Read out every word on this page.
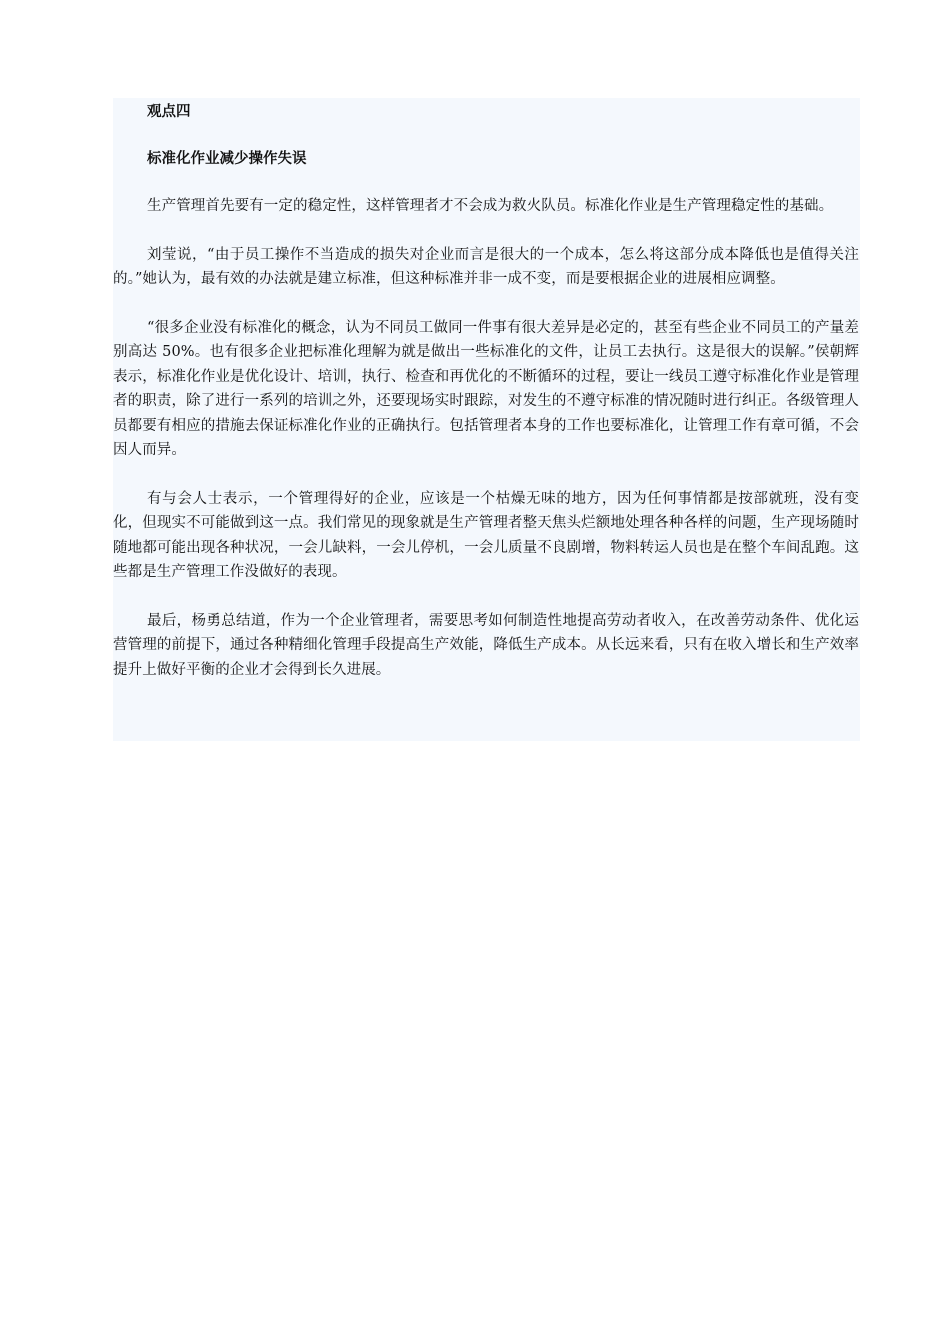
观点四

标准化作业减少操作失误

生产管理首先要有一定的稳定性，这样管理者才不会成为救火队员。标准化作业是生产管理稳定性的基础。

刘莹说，“由于员工操作不当造成的损失对企业而言是很大的一个成本，怎么将这部分成本降低也是值得关注的。”她认为，最有效的办法就是建立标准，但这种标准并非一成不变，而是要根据企业的进展相应调整。

“很多企业没有标准化的概念，认为不同员工做同一件事有很大差异是必定的，甚至有些企业不同员工的产量差别高达 50%。也有很多企业把标准化理解为就是做出一些标准化的文件，让员工去执行。这是很大的误解。”侯朝辉表示，标准化作业是优化设计、培训，执行、检查和再优化的不断循环的过程，要让一线员工遵守标准化作业是管理者的职责，除了进行一系列的培训之外，还要现场实时跟踪，对发生的不遵守标准的情况随时进行纠正。各级管理人员都要有相应的措施去保证标准化作业的正确执行。包括管理者本身的工作也要标准化，让管理工作有章可循，不会因人而异。

有与会人士表示，一个管理得好的企业，应该是一个枯燥无味的地方，因为任何事情都是按部就班，没有变化，但现实不可能做到这一点。我们常见的现象就是生产管理者整天焦头烂额地处理各种各样的问题，生产现场随时随地都可能出现各种状况，一会儿缺料，一会儿停机，一会儿质量不良剧增，物料转运人员也是在整个车间乱跑。这些都是生产管理工作没做好的表现。

最后，杨勇总结道，作为一个企业管理者，需要思考如何制造性地提高劳动者收入，在改善劳动条件、优化运营管理的前提下，通过各种精细化管理手段提高生产效能，降低生产成本。从长远来看，只有在收入增长和生产效率提升上做好平衡的企业才会得到长久进展。
